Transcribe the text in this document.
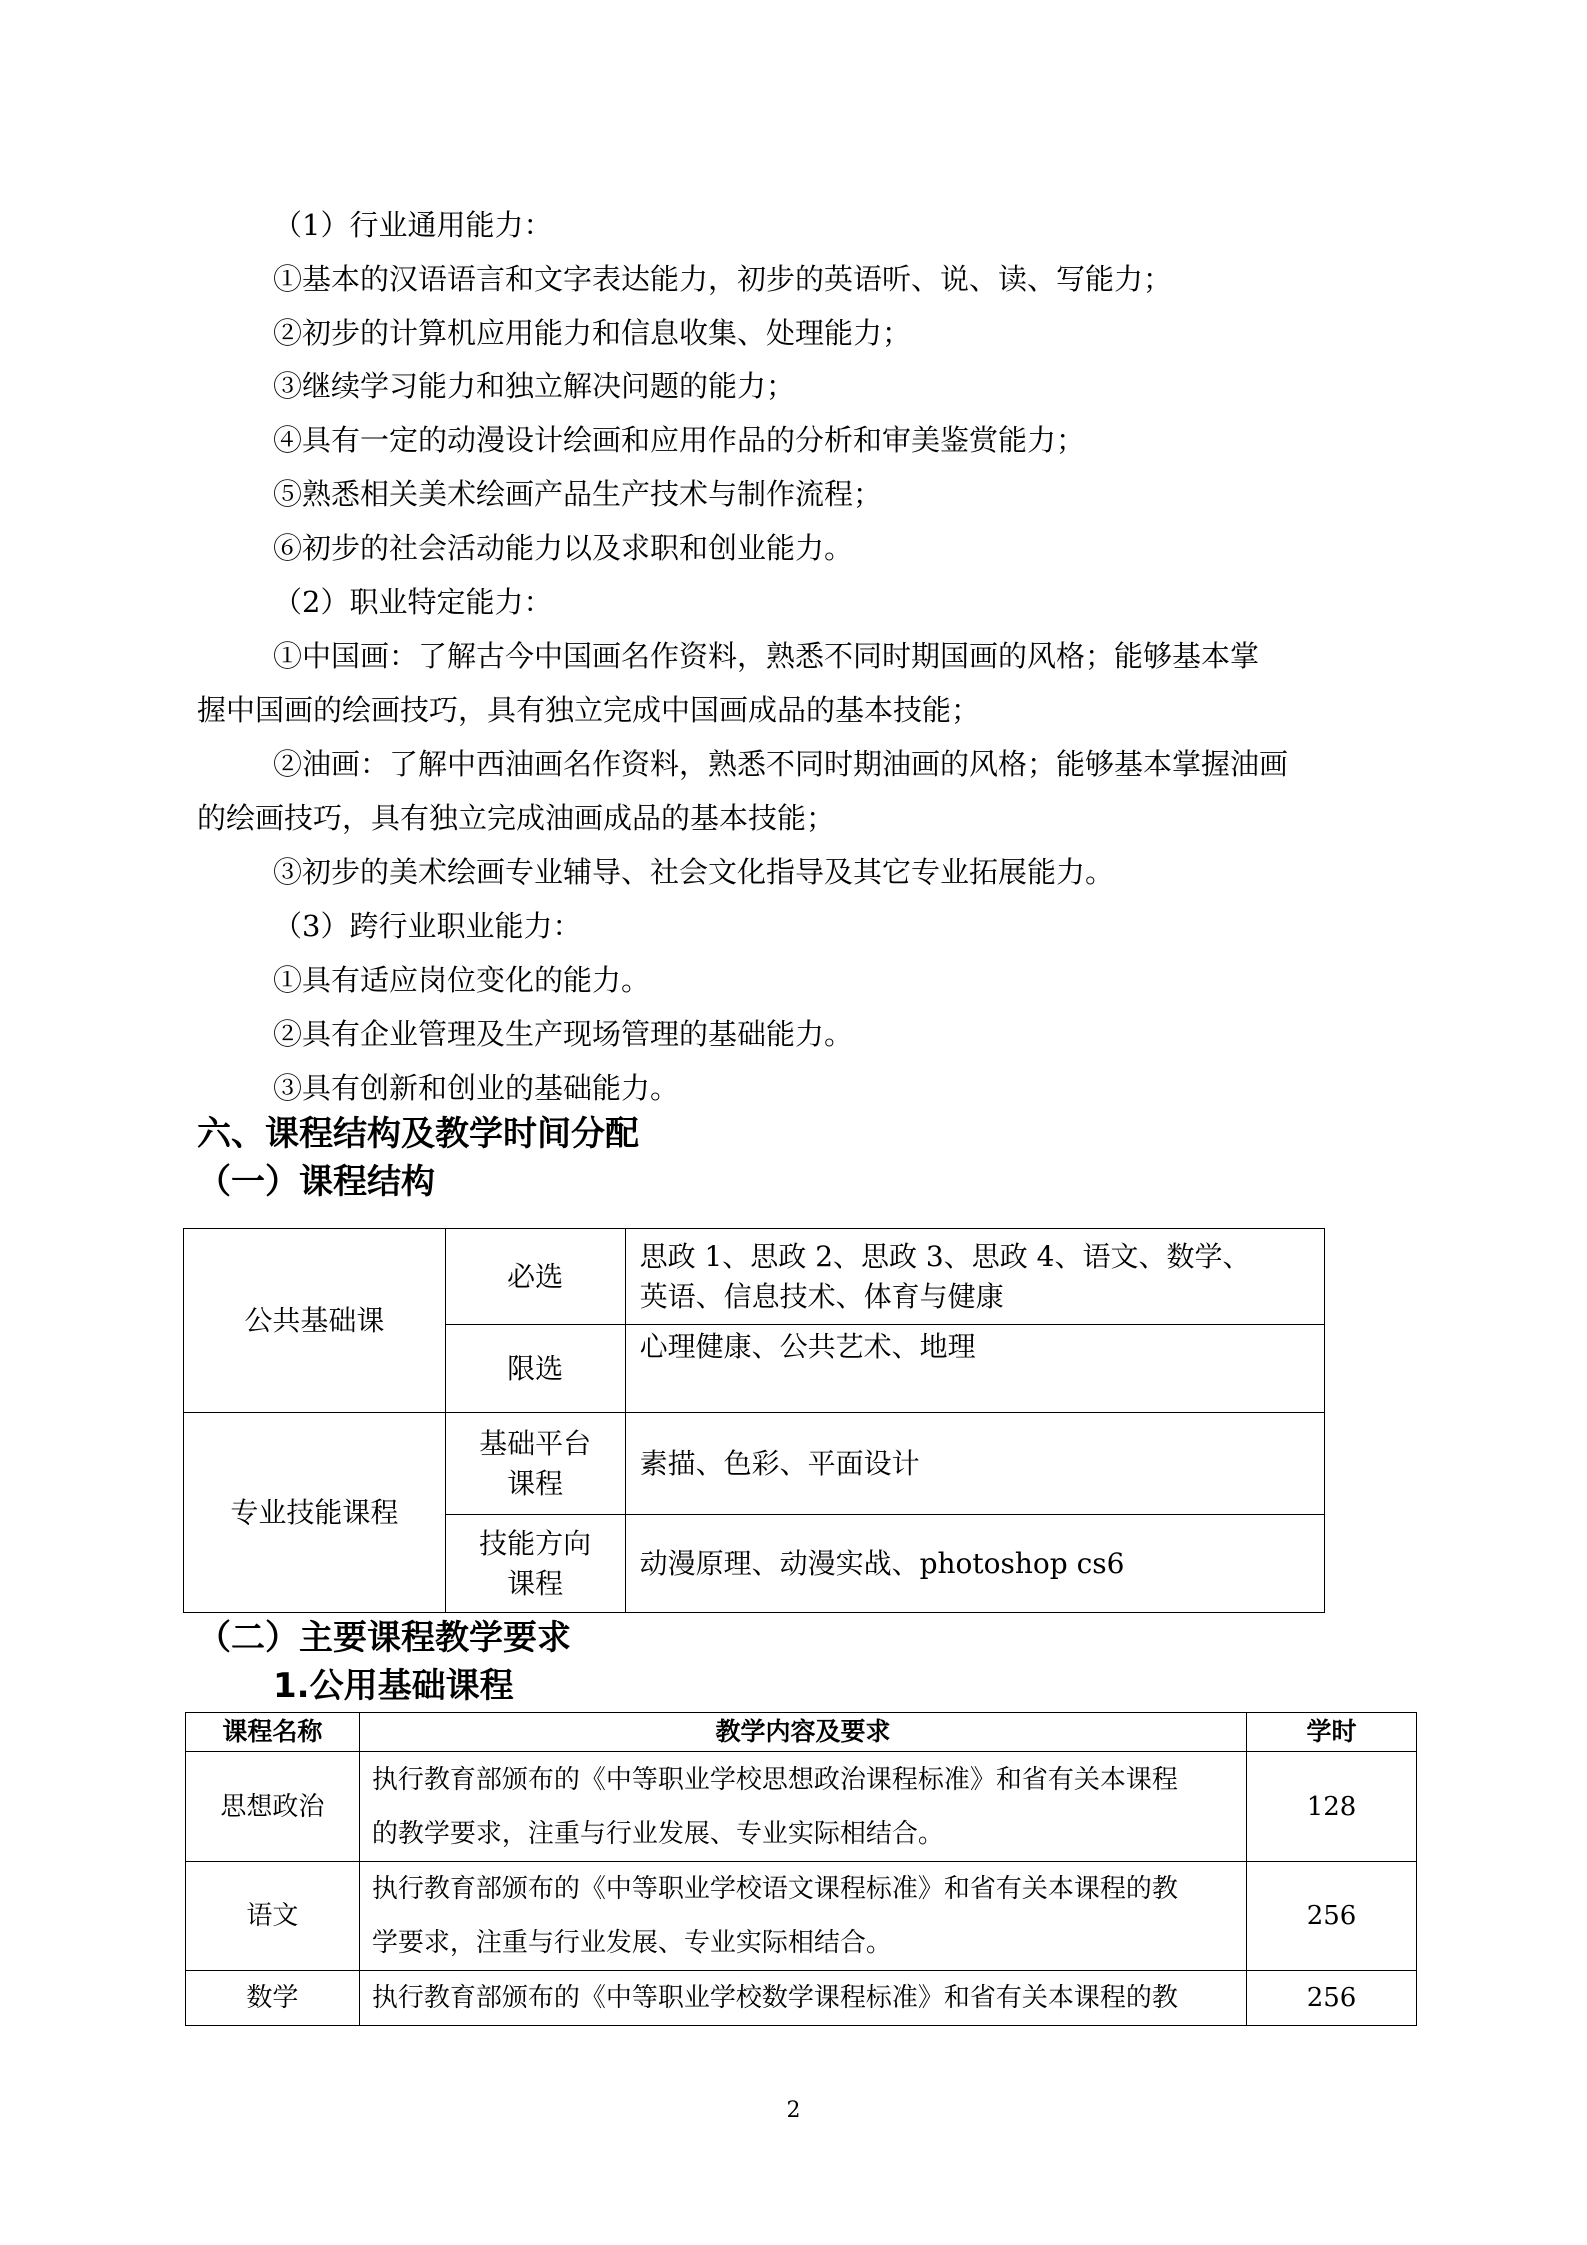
（1）行业通用能力：
①基本的汉语语言和文字表达能力，初步的英语听、说、读、写能力；
②初步的计算机应用能力和信息收集、处理能力；
③继续学习能力和独立解决问题的能力；
④具有一定的动漫设计绘画和应用作品的分析和审美鉴赏能力；
⑤熟悉相关美术绘画产品生产技术与制作流程；
⑥初步的社会活动能力以及求职和创业能力。
（2）职业特定能力：
①中国画：了解古今中国画名作资料，熟悉不同时期国画的风格；能够基本掌
握中国画的绘画技巧，具有独立完成中国画成品的基本技能；
②油画：了解中西油画名作资料，熟悉不同时期油画的风格；能够基本掌握油画
的绘画技巧，具有独立完成油画成品的基本技能；
③初步的美术绘画专业辅导、社会文化指导及其它专业拓展能力。
（3）跨行业职业能力：
①具有适应岗位变化的能力。
②具有企业管理及生产现场管理的基础能力。
③具有创新和创业的基础能力。
六、课程结构及教学时间分配
（一）课程结构
公共基础课	必选	思政 1、思政 2、思政 3、思政 4、语文、数学、
英语、信息技术、体育与健康

	限选	心理健康、公共艺术、地理
专业技能课程	基础平台
课程	素描、色彩、平面设计

	技能方向
课程	动漫原理、动漫实战、photoshop cs6
（二）主要课程教学要求
1.公用基础课程
课程名称	教学内容及要求	学时
思想政治	执行教育部颁布的《中等职业学校思想政治课程标准》和省有关本课程
的教学要求，注重与行业发展、专业实际相结合。	128
语文	执行教育部颁布的《中等职业学校语文课程标准》和省有关本课程的教
学要求，注重与行业发展、专业实际相结合。	256
数学	执行教育部颁布的《中等职业学校数学课程标准》和省有关本课程的教	256
2
